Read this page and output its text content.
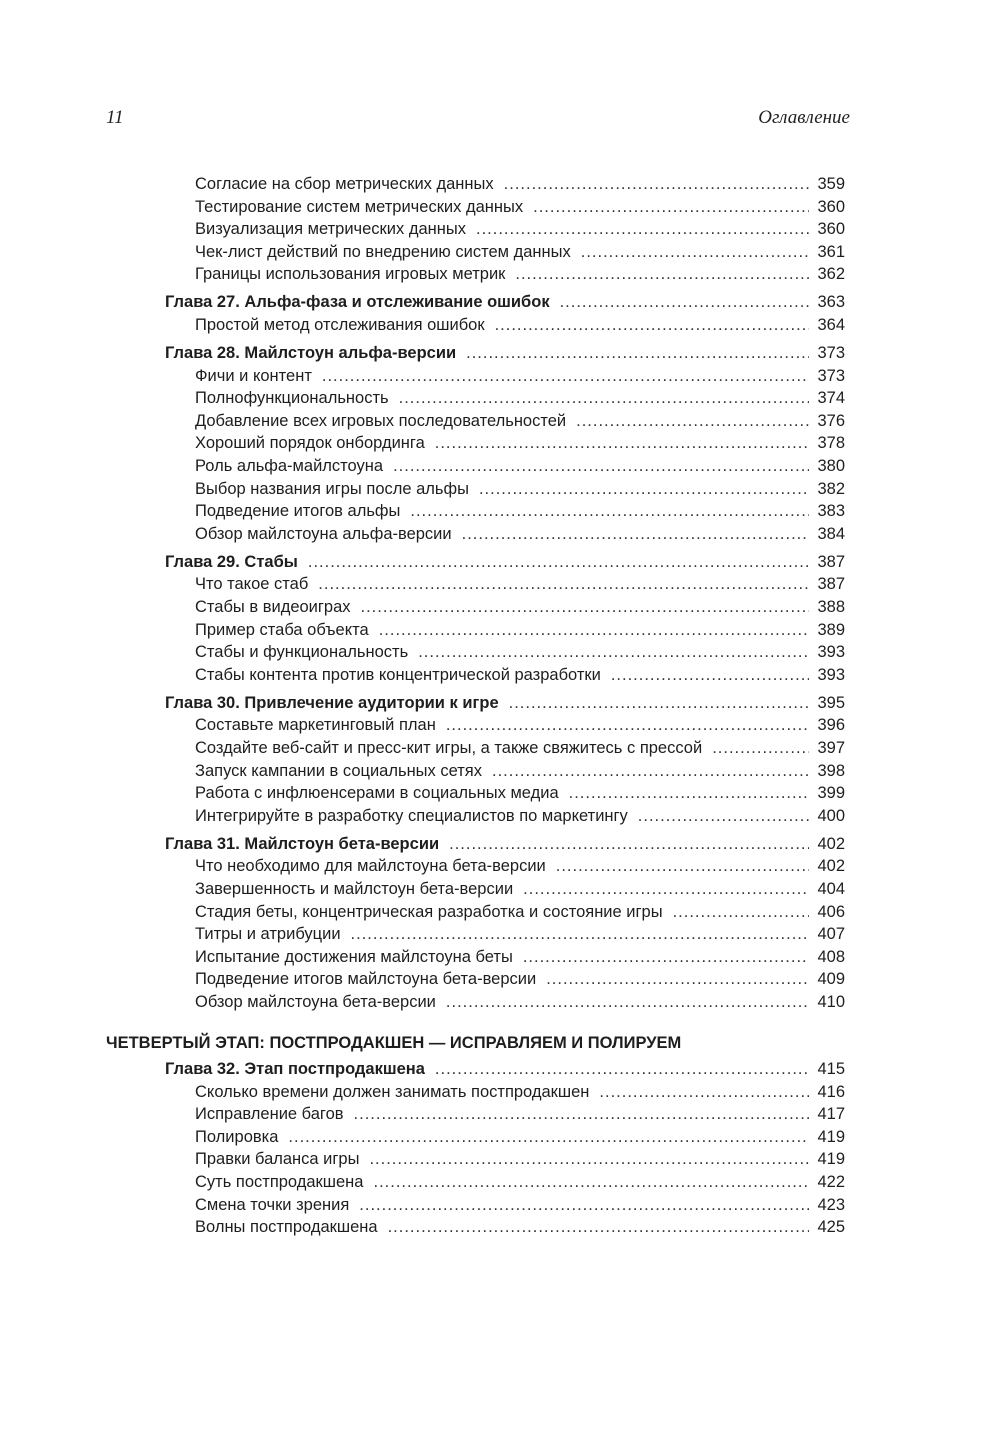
11	Оглавление
Согласие на сбор метрических данных .....	359
Тестирование систем метрических данных .....	360
Визуализация метрических данных .....	360
Чек-лист действий по внедрению систем данных .....	361
Границы использования игровых метрик .....	362
Глава 27. Альфа-фаза и отслеживание ошибок .....	363
Простой метод отслеживания ошибок .....	364
Глава 28. Майлстоун альфа-версии .....	373
Фичи и контент .....	373
Полнофункциональность .....	374
Добавление всех игровых последовательностей .....	376
Хороший порядок онбординга .....	378
Роль альфа-майлстоуна .....	380
Выбор названия игры после альфы .....	382
Подведение итогов альфы .....	383
Обзор майлстоуна альфа-версии .....	384
Глава 29. Стабы .....	387
Что такое стаб .....	387
Стабы в видеоиграх .....	388
Пример стаба объекта .....	389
Стабы и функциональность .....	393
Стабы контента против концентрической разработки .....	393
Глава 30. Привлечение аудитории к игре .....	395
Составьте маркетинговый план .....	396
Создайте веб-сайт и пресс-кит игры, а также свяжитесь с прессой .....	397
Запуск кампании в социальных сетях .....	398
Работа с инфлюенсерами в социальных медиа .....	399
Интегрируйте в разработку специалистов по маркетингу .....	400
Глава 31. Майлстоун бета-версии .....	402
Что необходимо для майлстоуна бета-версии .....	402
Завершенность и майлстоун бета-версии .....	404
Стадия беты, концентрическая разработка и состояние игры .....	406
Титры и атрибуции .....	407
Испытание достижения майлстоуна беты .....	408
Подведение итогов майлстоуна бета-версии .....	409
Обзор майлстоуна бета-версии .....	410
ЧЕТВЕРТЫЙ ЭТАП: ПОСТПРОДАКШЕН — ИСПРАВЛЯЕМ И ПОЛИРУЕМ
Глава 32. Этап постпродакшена .....	415
Сколько времени должен занимать постпродакшен .....	416
Исправление багов .....	417
Полировка .....	419
Правки баланса игры .....	419
Суть постпродакшена .....	422
Смена точки зрения .....	423
Волны постпродакшена .....	425
